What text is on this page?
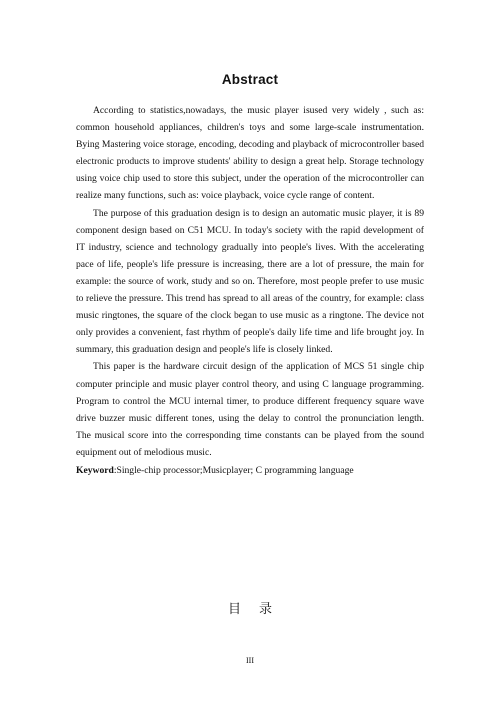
Abstract

According to statistics,nowadays, the music player isused very widely , such as: common household appliances, children's toys and some large-scale instrumentation. Bying Mastering voice storage, encoding, decoding and playback of microcontroller based electronic products to improve students' ability to design a great help. Storage technology using voice chip used to store this subject, under the operation of the microcontroller can realize many functions, such as: voice playback, voice cycle range of content.

The purpose of this graduation design is to design an automatic music player, it is 89 component design based on C51 MCU. In today's society with the rapid development of IT industry, science and technology gradually into people's lives. With the accelerating pace of life, people's life pressure is increasing, there are a lot of pressure, the main for example: the source of work, study and so on. Therefore, most people prefer to use music to relieve the pressure. This trend has spread to all areas of the country, for example: class music ringtones, the square of the clock began to use music as a ringtone. The device not only provides a convenient, fast rhythm of people's daily life time and life brought joy. In summary, this graduation design and people's life is closely linked.

This paper is the hardware circuit design of the application of MCS 51 single chip computer principle and music player control theory, and using C language programming. Program to control the MCU internal timer, to produce different frequency square wave drive buzzer music different tones, using the delay to control the pronunciation length. The musical score into the corresponding time constants can be played from the sound equipment out of melodious music.

Keyword:Single-chip processor;Musicplayer; C programming language

目录
III
